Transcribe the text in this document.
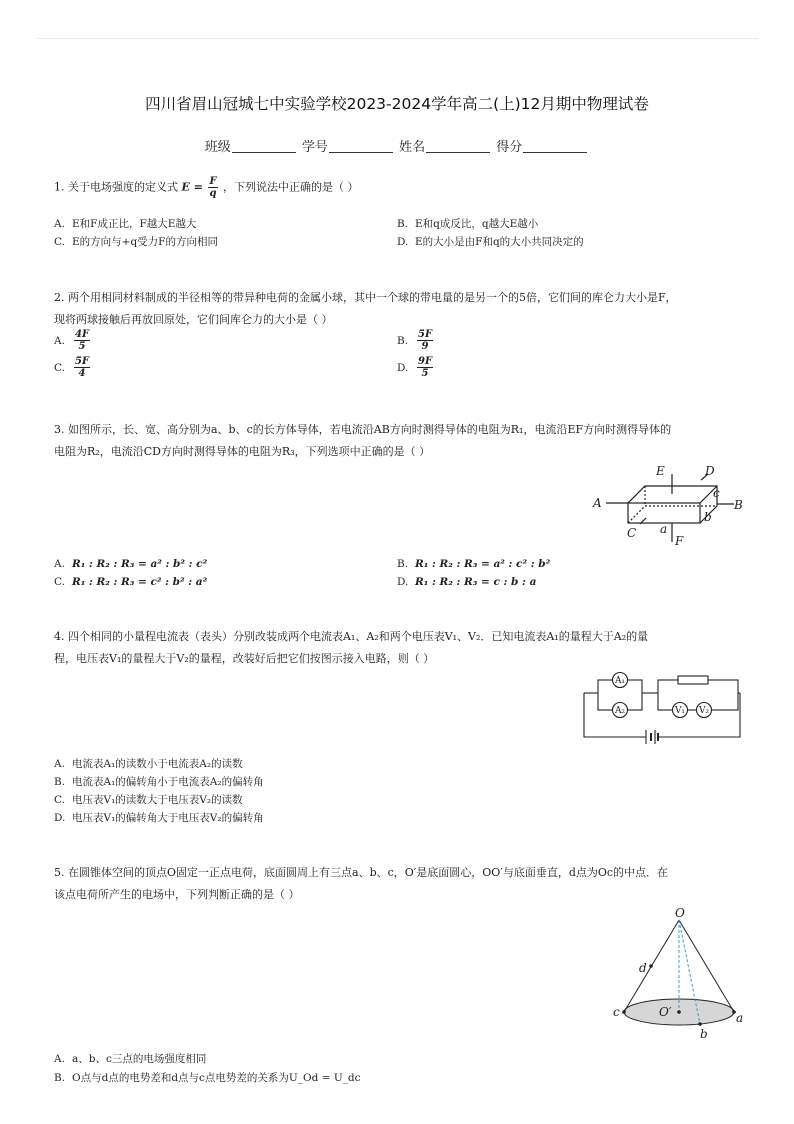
四川省眉山冠城七中实验学校2023-2024学年高二(上)12月期中物理试卷
班级	学号	姓名	得分
1. 关于电场强度的定义式 $E = \frac{F}{q}$ ，下列说法中正确的是（ ）
A. E和F成正比，F越大E越大	B. E和q成反比，q越大E越小
C. E的方向与+q受力F的方向相同	D. E的大小是由F和q的大小共同决定的
2. 两个用相同材料制成的半径相等的带异种电荷的金属小球，其中一个球的带电量的是另一个的5倍，它们间的库仑力大小是F，
现将两球接触后再放回原处，它们间库仑力的大小是（ ）
A. $\frac{4F}{5}$	B. $\frac{5F}{9}$
C. $\frac{5F}{4}$	D. $\frac{9F}{5}$
3. 如图所示，长、宽、高分别为a、b、c的长方体导体，若电流沿AB方向时测得导体的电阻为R₁，电流沿EF方向时测得导体的
电阻为R₂，电流沿CD方向时测得导体的电阻为R₃，下列选项中正确的是（ ）
A	B
E	D
F
C
c
b
a
A. R₁ : R₂ : R₃ = a² : b² : c²	B. R₁ : R₂ : R₃ = a² : c² : b²
C. R₁ : R₂ : R₃ = c² : b² : a²	D. R₁ : R₂ : R₃ = c : b : a
4. 四个相同的小量程电流表（表头）分别改装成两个电流表A₁、A₂和两个电压表V₁、V₂．已知电流表A₁的量程大于A₂的量
程，电压表V₁的量程大于V₂的量程，改装好后把它们按图示接入电路，则（ ）
A₁
A₂	V₁ V₂
A. 电流表A₁的读数小于电流表A₂的读数
B. 电流表A₁的偏转角小于电流表A₂的偏转角
C. 电压表V₁的读数大于电压表V₂的读数
D. 电压表V₁的偏转角大于电压表V₂的偏转角
5. 在圆锥体空间的顶点O固定一正点电荷，底面圆周上有三点a、b、c，O′是底面圆心，OO′与底面垂直，d点为Oc的中点．在
该点电荷所产生的电场中，下列判断正确的是（ ）
O
d
O′
c	a
b
A. a、b、c三点的电场强度相同
B. O点与d点的电势差和d点与c点电势差的关系为U_Od = U_dc
